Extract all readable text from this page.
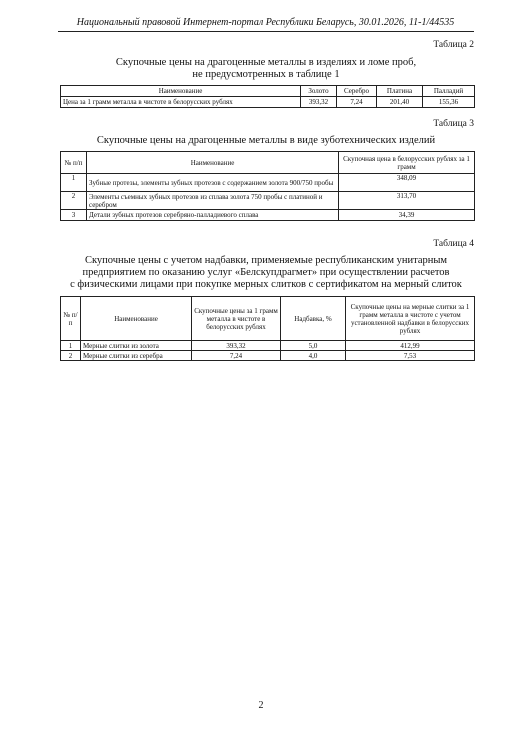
Национальный правовой Интернет-портал Республики Беларусь, 30.01.2026, 11-1/44535
Таблица 2
Скупочные цены на драгоценные металлы в изделиях и ломе проб,
не предусмотренных в таблице 1
Наименование	Золото	Серебро	Платина	Палладий
Цена за 1 грамм металла в чистоте в белорусских рублях	393,32	7,24	201,40	155,36
Таблица 3
Скупочные цены на драгоценные металлы в виде зуботехнических изделий
№ п/п	Наименование	Скупочная цена в белорусских рублях за 1 грамм
1	Зубные протезы, элементы зубных протезов с содержанием золота 900/750 пробы	348,09
2	Элементы съемных зубных протезов из сплава золота 750 пробы с платиной и серебром	313,70
3	Детали зубных протезов серебряно-палладиевого сплава	34,39
Таблица 4
Скупочные цены с учетом надбавки, применяемые республиканским унитарным
предприятием по оказанию услуг «Белскупдрагмет» при осуществлении расчетов
с физическими лицами при покупке мерных слитков с сертификатом на мерный слиток
№ п/п	Наименование	Скупочные цены за 1 грамм металла в чистоте в белорусских рублях	Надбавка, %	Скупочные цены на мерные слитки за 1 грамм металла в чистоте с учетом установленной надбавки в белорусских рублях
1	Мерные слитки из золота	393,32	5,0	412,99
2	Мерные слитки из серебра	7,24	4,0	7,53
2
